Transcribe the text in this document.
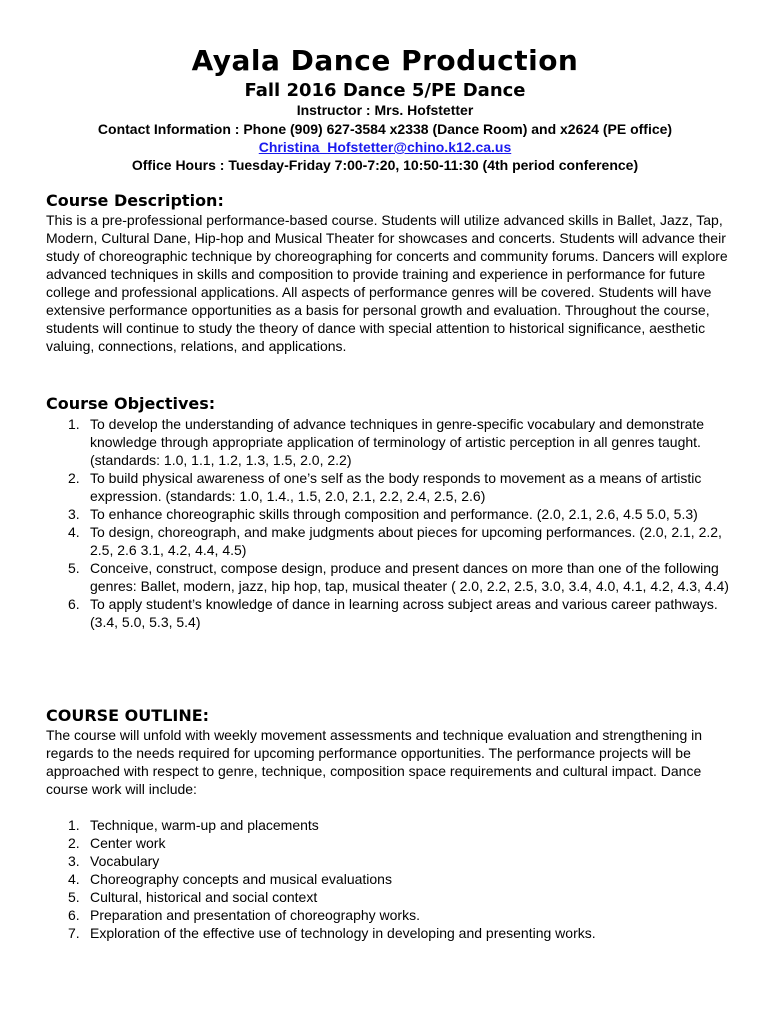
Ayala Dance Production
Fall 2016 Dance 5/PE Dance
Instructor : Mrs. Hofstetter
Contact Information : Phone (909) 627-3584 x2338 (Dance Room) and x2624 (PE office)
Christina_Hofstetter@chino.k12.ca.us
Office Hours : Tuesday-Friday 7:00-7:20, 10:50-11:30 (4th period conference)
Course Description:
This is a pre-professional performance-based course. Students will utilize advanced skills in Ballet, Jazz, Tap, Modern, Cultural Dane, Hip-hop and Musical Theater for showcases and concerts. Students will advance their study of choreographic technique by choreographing for concerts and community forums. Dancers will explore advanced techniques in skills and composition to provide training and experience in performance for future college and professional applications. All aspects of performance genres will be covered. Students will have extensive performance opportunities as a basis for personal growth and evaluation. Throughout the course, students will continue to study the theory of dance with special attention to historical significance, aesthetic valuing, connections, relations, and applications.
Course Objectives:
1. To develop the understanding of advance techniques in genre-specific vocabulary and demonstrate knowledge through appropriate application of terminology of artistic perception in all genres taught. (standards: 1.0, 1.1, 1.2, 1.3, 1.5, 2.0, 2.2)
2. To build physical awareness of one’s self as the body responds to movement as a means of artistic expression. (standards: 1.0, 1.4., 1.5, 2.0, 2.1, 2.2, 2.4, 2.5, 2.6)
3. To enhance choreographic skills through composition and performance. (2.0, 2.1, 2.6, 4.5 5.0, 5.3)
4. To design, choreograph, and make judgments about pieces for upcoming performances. (2.0, 2.1, 2.2, 2.5, 2.6 3.1, 4.2, 4.4, 4.5)
5. Conceive, construct, compose design, produce and present dances on more than one of the following genres: Ballet, modern, jazz, hip hop, tap, musical theater ( 2.0, 2.2, 2.5, 3.0, 3.4, 4.0, 4.1, 4.2, 4.3, 4.4)
6. To apply student’s knowledge of dance in learning across subject areas and various career pathways. (3.4, 5.0, 5.3, 5.4)
COURSE OUTLINE:
The course will unfold with weekly movement assessments and technique evaluation and strengthening in regards to the needs required for upcoming performance opportunities. The performance projects will be approached with respect to genre, technique, composition space requirements and cultural impact. Dance course work will include:
1. Technique, warm-up and placements
2. Center work
3. Vocabulary
4. Choreography concepts and musical evaluations
5. Cultural, historical and social context
6. Preparation and presentation of choreography works.
7. Exploration of the effective use of technology in developing and presenting works.
